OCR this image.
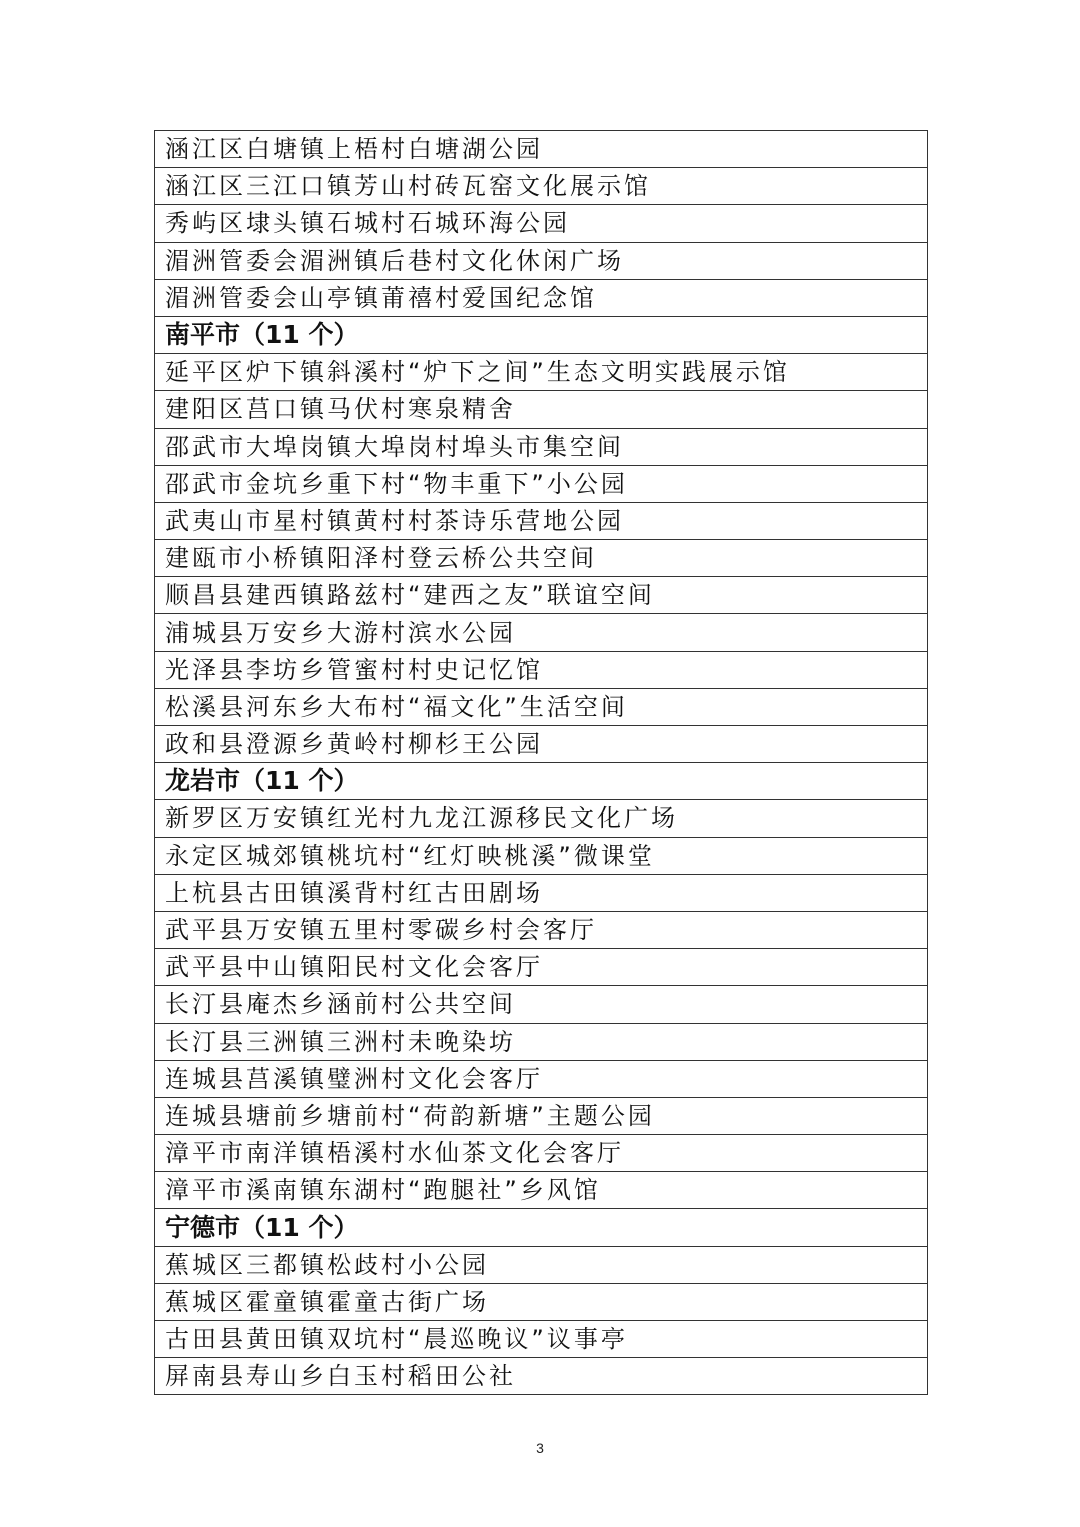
涵江区白塘镇上梧村白塘湖公园
涵江区三江口镇芳山村砖瓦窑文化展示馆
秀屿区埭头镇石城村石城环海公园
湄洲管委会湄洲镇后巷村文化休闲广场
湄洲管委会山亭镇莆禧村爱国纪念馆
南平市（11 个）
延平区炉下镇斜溪村“炉下之间”生态文明实践展示馆
建阳区莒口镇马伏村寒泉精舍
邵武市大埠岗镇大埠岗村埠头市集空间
邵武市金坑乡重下村“物丰重下”小公园
武夷山市星村镇黄村村茶诗乐营地公园
建瓯市小桥镇阳泽村登云桥公共空间
顺昌县建西镇路兹村“建西之友”联谊空间
浦城县万安乡大游村滨水公园
光泽县李坊乡管蜜村村史记忆馆
松溪县河东乡大布村“福文化”生活空间
政和县澄源乡黄岭村柳杉王公园
龙岩市（11 个）
新罗区万安镇红光村九龙江源移民文化广场
永定区城郊镇桃坑村“红灯映桃溪”微课堂
上杭县古田镇溪背村红古田剧场
武平县万安镇五里村零碳乡村会客厅
武平县中山镇阳民村文化会客厅
长汀县庵杰乡涵前村公共空间
长汀县三洲镇三洲村未晚染坊
连城县莒溪镇璧洲村文化会客厅
连城县塘前乡塘前村“荷韵新塘”主题公园
漳平市南洋镇梧溪村水仙茶文化会客厅
漳平市溪南镇东湖村“跑腿社”乡风馆
宁德市（11 个）
蕉城区三都镇松歧村小公园
蕉城区霍童镇霍童古街广场
古田县黄田镇双坑村“晨巡晚议”议事亭
屏南县寿山乡白玉村稻田公社
3
